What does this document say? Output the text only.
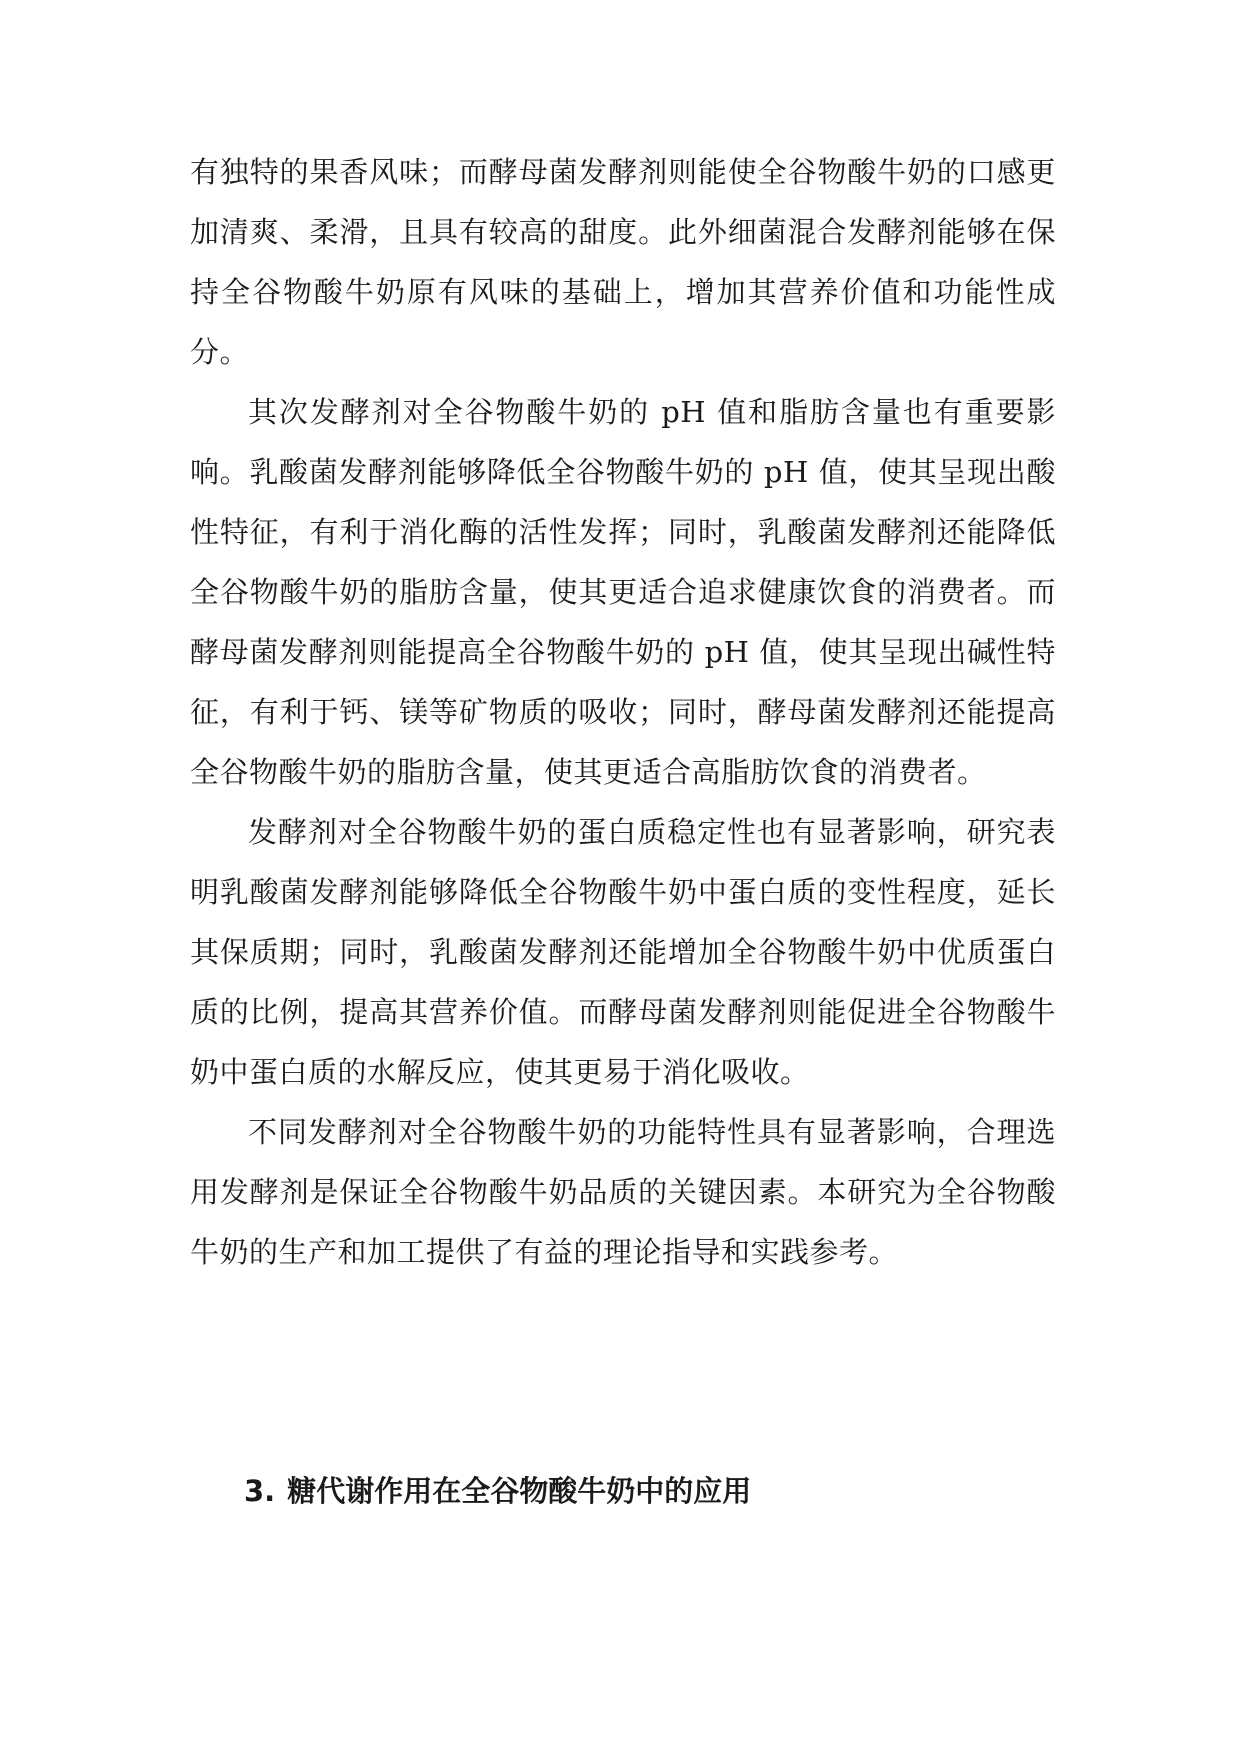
有独特的果香风味；而酵母菌发酵剂则能使全谷物酸牛奶的口感更加清爽、柔滑，且具有较高的甜度。此外细菌混合发酵剂能够在保持全谷物酸牛奶原有风味的基础上，增加其营养价值和功能性成分。

其次发酵剂对全谷物酸牛奶的 pH 值和脂肪含量也有重要影响。乳酸菌发酵剂能够降低全谷物酸牛奶的 pH 值，使其呈现出酸性特征，有利于消化酶的活性发挥；同时，乳酸菌发酵剂还能降低全谷物酸牛奶的脂肪含量，使其更适合追求健康饮食的消费者。而酵母菌发酵剂则能提高全谷物酸牛奶的 pH 值，使其呈现出碱性特征，有利于钙、镁等矿物质的吸收；同时，酵母菌发酵剂还能提高全谷物酸牛奶的脂肪含量，使其更适合高脂肪饮食的消费者。

发酵剂对全谷物酸牛奶的蛋白质稳定性也有显著影响，研究表明乳酸菌发酵剂能够降低全谷物酸牛奶中蛋白质的变性程度，延长其保质期；同时，乳酸菌发酵剂还能增加全谷物酸牛奶中优质蛋白质的比例，提高其营养价值。而酵母菌发酵剂则能促进全谷物酸牛奶中蛋白质的水解反应，使其更易于消化吸收。

不同发酵剂对全谷物酸牛奶的功能特性具有显著影响，合理选用发酵剂是保证全谷物酸牛奶品质的关键因素。本研究为全谷物酸牛奶的生产和加工提供了有益的理论指导和实践参考。

3. 糖代谢作用在全谷物酸牛奶中的应用
